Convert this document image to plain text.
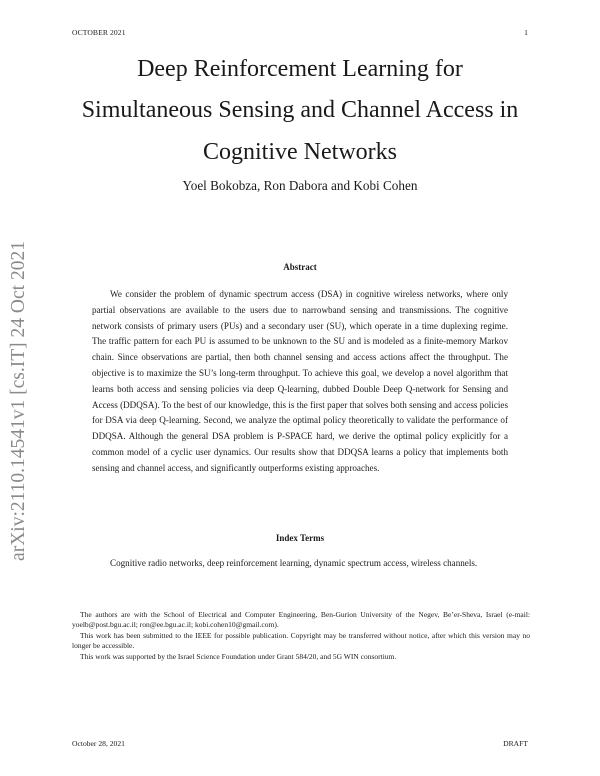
OCTOBER 2021	1
Deep Reinforcement Learning for
Simultaneous Sensing and Channel Access in
Cognitive Networks
Yoel Bokobza, Ron Dabora and Kobi Cohen
arXiv:2110.14541v1 [cs.IT] 24 Oct 2021	Abstract

We consider the problem of dynamic spectrum access (DSA) in cognitive wireless networks, where only partial observations are available to the users due to narrowband sensing and transmissions. The cognitive network consists of primary users (PUs) and a secondary user (SU), which operate in a time duplexing regime. The traffic pattern for each PU is assumed to be unknown to the SU and is modeled as a finite-memory Markov chain. Since observations are partial, then both channel sensing and access actions affect the throughput. The objective is to maximize the SU’s long-term throughput. To achieve this goal, we develop a novel algorithm that learns both access and sensing policies via deep Q-learning, dubbed Double Deep Q-network for Sensing and Access (DDQSA). To the best of our knowledge, this is the first paper that solves both sensing and access policies for DSA via deep Q-learning. Second, we analyze the optimal policy theoretically to validate the performance of DDQSA. Although the general DSA problem is P-SPACE hard, we derive the optimal policy explicitly for a common model of a cyclic user dynamics. Our results show that DDQSA learns a policy that implements both sensing and channel access, and significantly outperforms existing approaches.

Index Terms

Cognitive radio networks, deep reinforcement learning, dynamic spectrum access, wireless channels.

The authors are with the School of Electrical and Computer Engineering, Ben-Gurion University of the Negev, Be’er-Sheva, Israel (e-mail: yoelb@post.bgu.ac.il; ron@ee.bgu.ac.il; kobi.cohen10@gmail.com).

This work has been submitted to the IEEE for possible publication. Copyright may be transferred without notice, after which this version may no longer be accessible.

This work was supported by the Israel Science Foundation under Grant 584/20, and 5G WIN consortium.

October 28, 2021	DRAFT
